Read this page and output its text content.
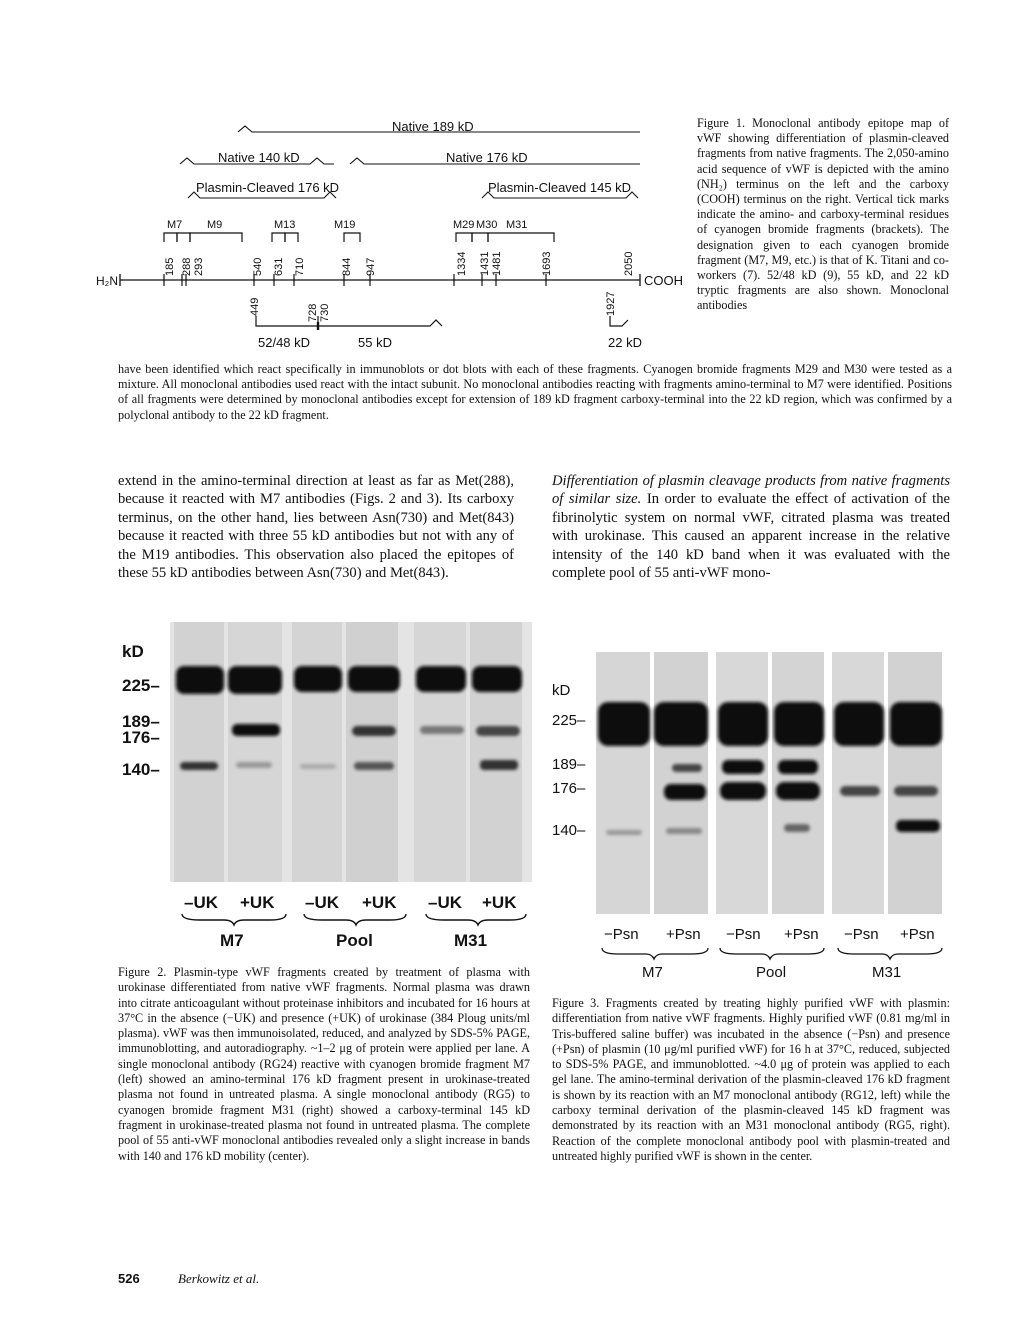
Native 189 kD
Native 140 kD	Native 176 kD
Plasmin-Cleaved 176 kD	Plasmin-Cleaved 145 kD
M7 M9	M13	M19	M29 M30 M31
185 288 293	540 631 710	844 947	1334 1431 1481	1693	2050
H₂N	COOH
449	728 730	1927
52/48 kD	55 kD	22 kD
Figure 1. Monoclonal antibody epitope map of vWF showing differentiation of plasmin-cleaved fragments from native fragments. The 2,050-amino acid sequence of vWF is depicted with the amino (NH₂) terminus on the left and the carboxy (COOH) terminus on the right. Vertical tick marks indicate the amino- and carboxy-terminal residues of cyanogen bromide fragments (brackets). The designation given to each cyanogen bromide fragment (M7, M9, etc.) is that of K. Titani and co-workers (7). 52/48 kD (9), 55 kD, and 22 kD tryptic fragments are also shown. Monoclonal antibodies
have been identified which react specifically in immunoblots or dot blots with each of these fragments. Cyanogen bromide fragments M29 and M30 were tested as a mixture. All monoclonal antibodies used react with the intact subunit. No monoclonal antibodies reacting with fragments amino-terminal to M7 were identified. Positions of all fragments were determined by monoclonal antibodies except for extension of 189 kD fragment carboxy-terminal into the 22 kD region, which was confirmed by a polyclonal antibody to the 22 kD fragment.
extend in the amino-terminal direction at least as far as Met(288), because it reacted with M7 antibodies (Figs. 2 and 3). Its carboxy terminus, on the other hand, lies between Asn(730) and Met(843) because it reacted with three 55 kD antibodies but not with any of the M19 antibodies. This observation also placed the epitopes of these 55 kD antibodies between Asn(730) and Met(843).
Differentiation of plasmin cleavage products from native fragments of similar size. In order to evaluate the effect of activation of the fibrinolytic system on normal vWF, citrated plasma was treated with urokinase. This caused an apparent increase in the relative intensity of the 140 kD band when it was evaluated with the complete pool of 55 anti-vWF mono-
kD
225–
189–
176–
140–
–UK +UK –UK +UK –UK +UK
M7	Pool	M31
Figure 2. Plasmin-type vWF fragments created by treatment of plasma with urokinase differentiated from native vWF fragments. Normal plasma was drawn into citrate anticoagulant without proteinase inhibitors and incubated for 16 hours at 37°C in the absence (−UK) and presence (+UK) of urokinase (384 Ploug units/ml plasma). vWF was then immunoisolated, reduced, and analyzed by SDS-5% PAGE, immunoblotting, and autoradiography. ~1–2 μg of protein were applied per lane. A single monoclonal antibody (RG24) reactive with cyanogen bromide fragment M7 (left) showed an amino-terminal 176 kD fragment present in urokinase-treated plasma not found in untreated plasma. A single monoclonal antibody (RG5) to cyanogen bromide fragment M31 (right) showed a carboxy-terminal 145 kD fragment in urokinase-treated plasma not found in untreated plasma. The complete pool of 55 anti-vWF monoclonal antibodies revealed only a slight increase in bands with 140 and 176 kD mobility (center).
kD
225–
189–
176–
140–
−Psn +Psn −Psn +Psn −Psn +Psn
M7	Pool	M31
Figure 3. Fragments created by treating highly purified vWF with plasmin: differentiation from native vWF fragments. Highly purified vWF (0.81 mg/ml in Tris-buffered saline buffer) was incubated in the absence (−Psn) and presence (+Psn) of plasmin (10 μg/ml purified vWF) for 16 h at 37°C, reduced, subjected to SDS-5% PAGE, and immunoblotted. ~4.0 μg of protein was applied to each gel lane. The amino-terminal derivation of the plasmin-cleaved 176 kD fragment is shown by its reaction with an M7 monoclonal antibody (RG12, left) while the carboxy terminal derivation of the plasmin-cleaved 145 kD fragment was demonstrated by its reaction with an M31 monoclonal antibody (RG5, right). Reaction of the complete monoclonal antibody pool with plasmin-treated and untreated highly purified vWF is shown in the center.
526	Berkowitz et al.
